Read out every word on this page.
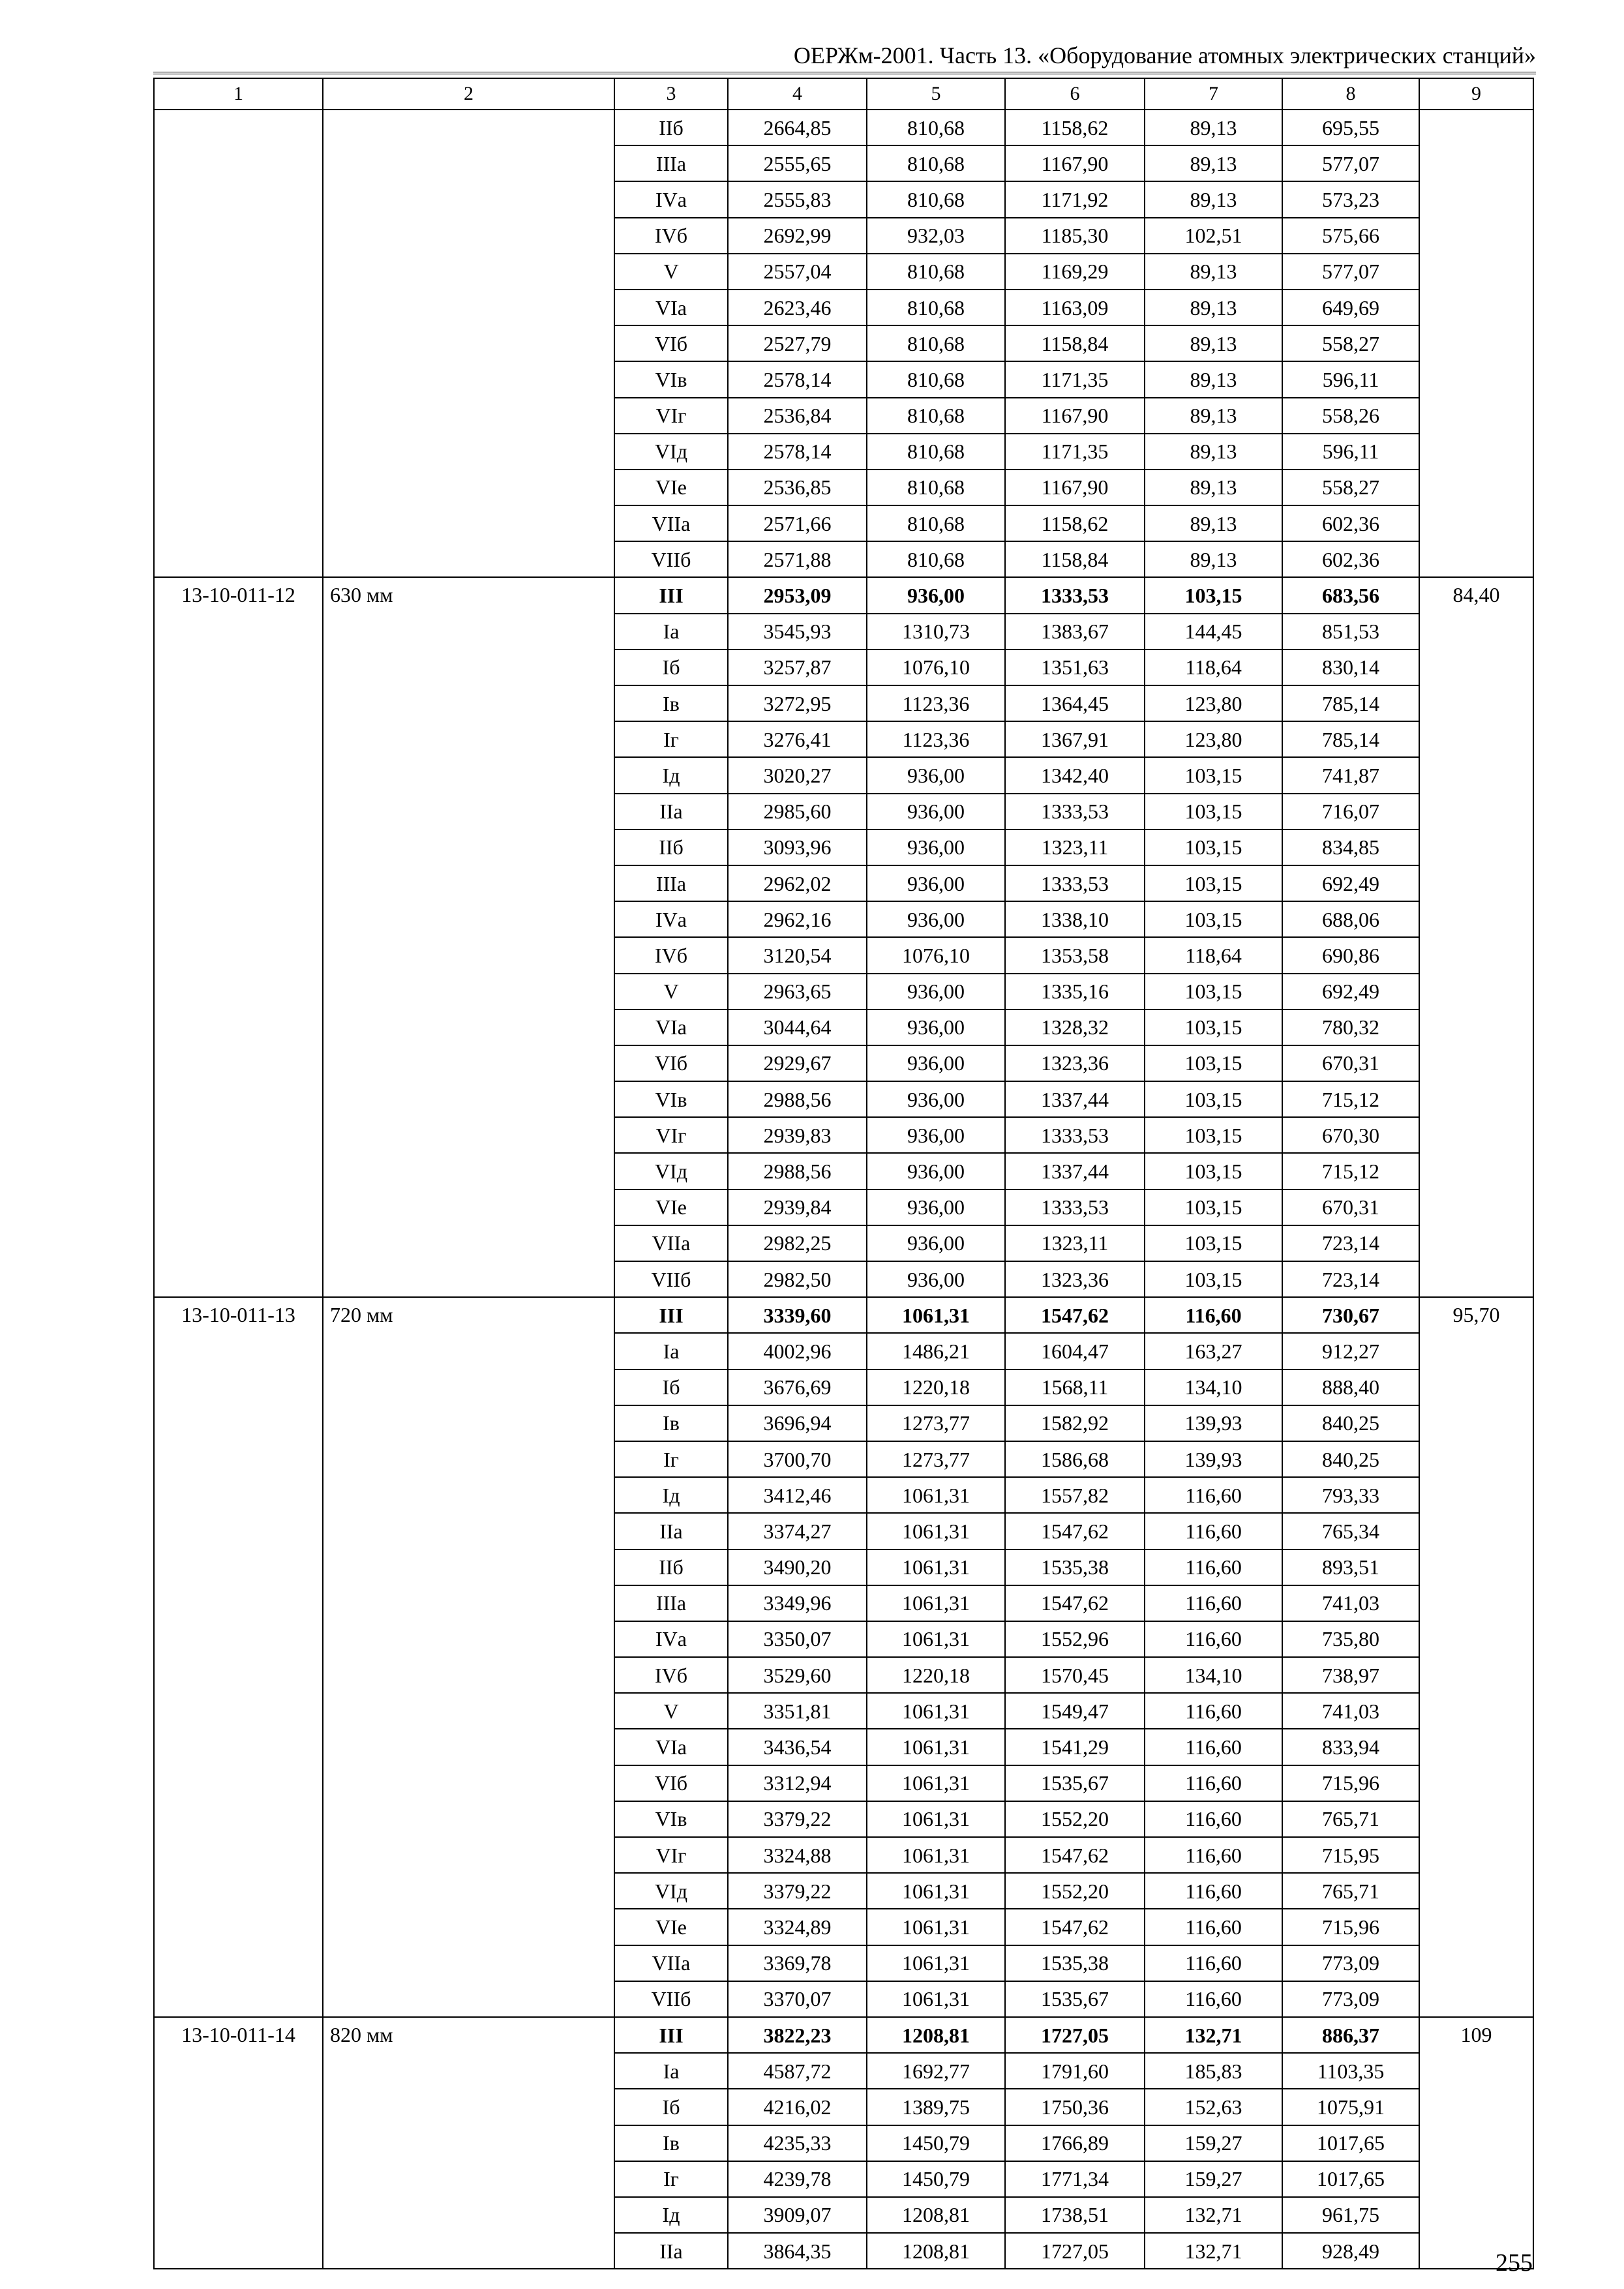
ОЕРЖм-2001. Часть 13. «Оборудование атомных электрических станций»
1	2	3	4	5	6	7	8	9
		IIб	2664,85	810,68	1158,62	89,13	695,55	
		IIIа	2555,65	810,68	1167,90	89,13	577,07	
		IVа	2555,83	810,68	1171,92	89,13	573,23	
		IVб	2692,99	932,03	1185,30	102,51	575,66	
		V	2557,04	810,68	1169,29	89,13	577,07	
		VIа	2623,46	810,68	1163,09	89,13	649,69	
		VIб	2527,79	810,68	1158,84	89,13	558,27	
		VIв	2578,14	810,68	1171,35	89,13	596,11	
		VIг	2536,84	810,68	1167,90	89,13	558,26	
		VIд	2578,14	810,68	1171,35	89,13	596,11	
		VIе	2536,85	810,68	1167,90	89,13	558,27	
		VIIа	2571,66	810,68	1158,62	89,13	602,36	
		VIIб	2571,88	810,68	1158,84	89,13	602,36	
13-10-011-12	630 мм	III	2953,09	936,00	1333,53	103,15	683,56	84,40
		Iа	3545,93	1310,73	1383,67	144,45	851,53	
		Iб	3257,87	1076,10	1351,63	118,64	830,14	
		Iв	3272,95	1123,36	1364,45	123,80	785,14	
		Iг	3276,41	1123,36	1367,91	123,80	785,14	
		Iд	3020,27	936,00	1342,40	103,15	741,87	
		IIа	2985,60	936,00	1333,53	103,15	716,07	
		IIб	3093,96	936,00	1323,11	103,15	834,85	
		IIIа	2962,02	936,00	1333,53	103,15	692,49	
		IVа	2962,16	936,00	1338,10	103,15	688,06	
		IVб	3120,54	1076,10	1353,58	118,64	690,86	
		V	2963,65	936,00	1335,16	103,15	692,49	
		VIа	3044,64	936,00	1328,32	103,15	780,32	
		VIб	2929,67	936,00	1323,36	103,15	670,31	
		VIв	2988,56	936,00	1337,44	103,15	715,12	
		VIг	2939,83	936,00	1333,53	103,15	670,30	
		VIд	2988,56	936,00	1337,44	103,15	715,12	
		VIе	2939,84	936,00	1333,53	103,15	670,31	
		VIIа	2982,25	936,00	1323,11	103,15	723,14	
		VIIб	2982,50	936,00	1323,36	103,15	723,14	
13-10-011-13	720 мм	III	3339,60	1061,31	1547,62	116,60	730,67	95,70
		Iа	4002,96	1486,21	1604,47	163,27	912,27	
		Iб	3676,69	1220,18	1568,11	134,10	888,40	
		Iв	3696,94	1273,77	1582,92	139,93	840,25	
		Iг	3700,70	1273,77	1586,68	139,93	840,25	
		Iд	3412,46	1061,31	1557,82	116,60	793,33	
		IIа	3374,27	1061,31	1547,62	116,60	765,34	
		IIб	3490,20	1061,31	1535,38	116,60	893,51	
		IIIа	3349,96	1061,31	1547,62	116,60	741,03	
		IVа	3350,07	1061,31	1552,96	116,60	735,80	
		IVб	3529,60	1220,18	1570,45	134,10	738,97	
		V	3351,81	1061,31	1549,47	116,60	741,03	
		VIа	3436,54	1061,31	1541,29	116,60	833,94	
		VIб	3312,94	1061,31	1535,67	116,60	715,96	
		VIв	3379,22	1061,31	1552,20	116,60	765,71	
		VIг	3324,88	1061,31	1547,62	116,60	715,95	
		VIд	3379,22	1061,31	1552,20	116,60	765,71	
		VIе	3324,89	1061,31	1547,62	116,60	715,96	
		VIIа	3369,78	1061,31	1535,38	116,60	773,09	
		VIIб	3370,07	1061,31	1535,67	116,60	773,09	
13-10-011-14	820 мм	III	3822,23	1208,81	1727,05	132,71	886,37	109
		Iа	4587,72	1692,77	1791,60	185,83	1103,35	
		Iб	4216,02	1389,75	1750,36	152,63	1075,91	
		Iв	4235,33	1450,79	1766,89	159,27	1017,65	
		Iг	4239,78	1450,79	1771,34	159,27	1017,65	
		Iд	3909,07	1208,81	1738,51	132,71	961,75	
		IIа	3864,35	1208,81	1727,05	132,71	928,49		255
